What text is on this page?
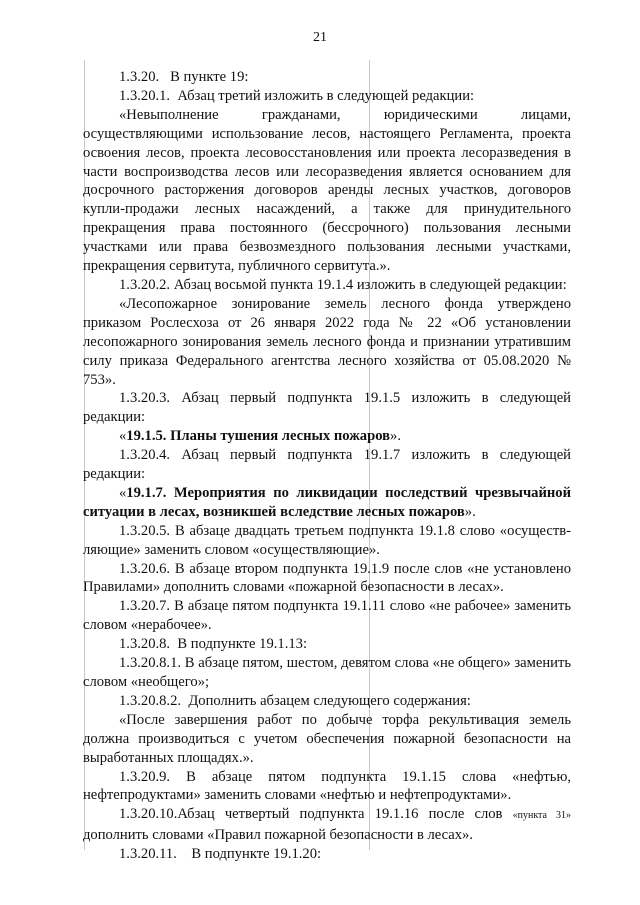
21

1.3.20.   В пункте 19:

1.3.20.1.  Абзац третий изложить в следующей редакции:

«Невыполнение гражданами, юридическими лицами, осуществляющими использование лесов, настоящего Регламента, проекта освоения лесов, проекта лесовосстановления или проекта лесоразведения в части воспроизводства лесов или лесоразведения является основанием для досрочного расторжения договоров аренды лесных участков, договоров купли-продажи лесных насаждений, а также для принудительного прекращения права постоянного (бессрочного) пользования лесными участками или права безвозмездного пользования лесными участками, прекращения сервитута, публичного сервитута.».

1.3.20.2. Абзац восьмой пункта 19.1.4 изложить в следующей редакции:

«Лесопожарное зонирование земель лесного фонда утверждено приказом Рослесхоза от 26 января 2022 года № 22 «Об установлении лесопожарного зонирования земель лесного фонда и признании утратившим силу приказа Федерального агентства лесного хозяйства от 05.08.2020 № 753».

1.3.20.3. Абзац первый подпункта 19.1.5 изложить в следующей редакции:

«19.1.5. Планы тушения лесных пожаров».

1.3.20.4. Абзац первый подпункта 19.1.7 изложить в следующей редакции:

«19.1.7. Мероприятия по ликвидации последствий чрезвычайной ситуации в лесах, возникшей вследствие лесных пожаров».

1.3.20.5. В абзаце двадцать третьем подпункта 19.1.8 слово «осуществ-ляющие» заменить словом «осуществляющие».

1.3.20.6. В абзаце втором подпункта 19.1.9 после слов «не установлено Правилами» дополнить словами «пожарной безопасности в лесах».

1.3.20.7. В абзаце пятом подпункта 19.1.11 слово «не рабочее» заменить словом «нерабочее».

1.3.20.8.  В подпункте 19.1.13:

1.3.20.8.1. В абзаце пятом, шестом, девятом слова «не общего» заменить словом «необщего»;

1.3.20.8.2.  Дополнить абзацем следующего содержания:

«После завершения работ по добыче торфа рекультивация земель должна производиться с учетом обеспечения пожарной безопасности на выработанных площадях.».

1.3.20.9. В абзаце пятом подпункта 19.1.15 слова «нефтью, нефтепродуктами» заменить словами «нефтью и нефтепродуктами».

1.3.20.10.Абзац четвертый подпункта 19.1.16 после слов «пункта 31» дополнить словами «Правил пожарной безопасности в лесах».

1.3.20.11.    В подпункте 19.1.20:
